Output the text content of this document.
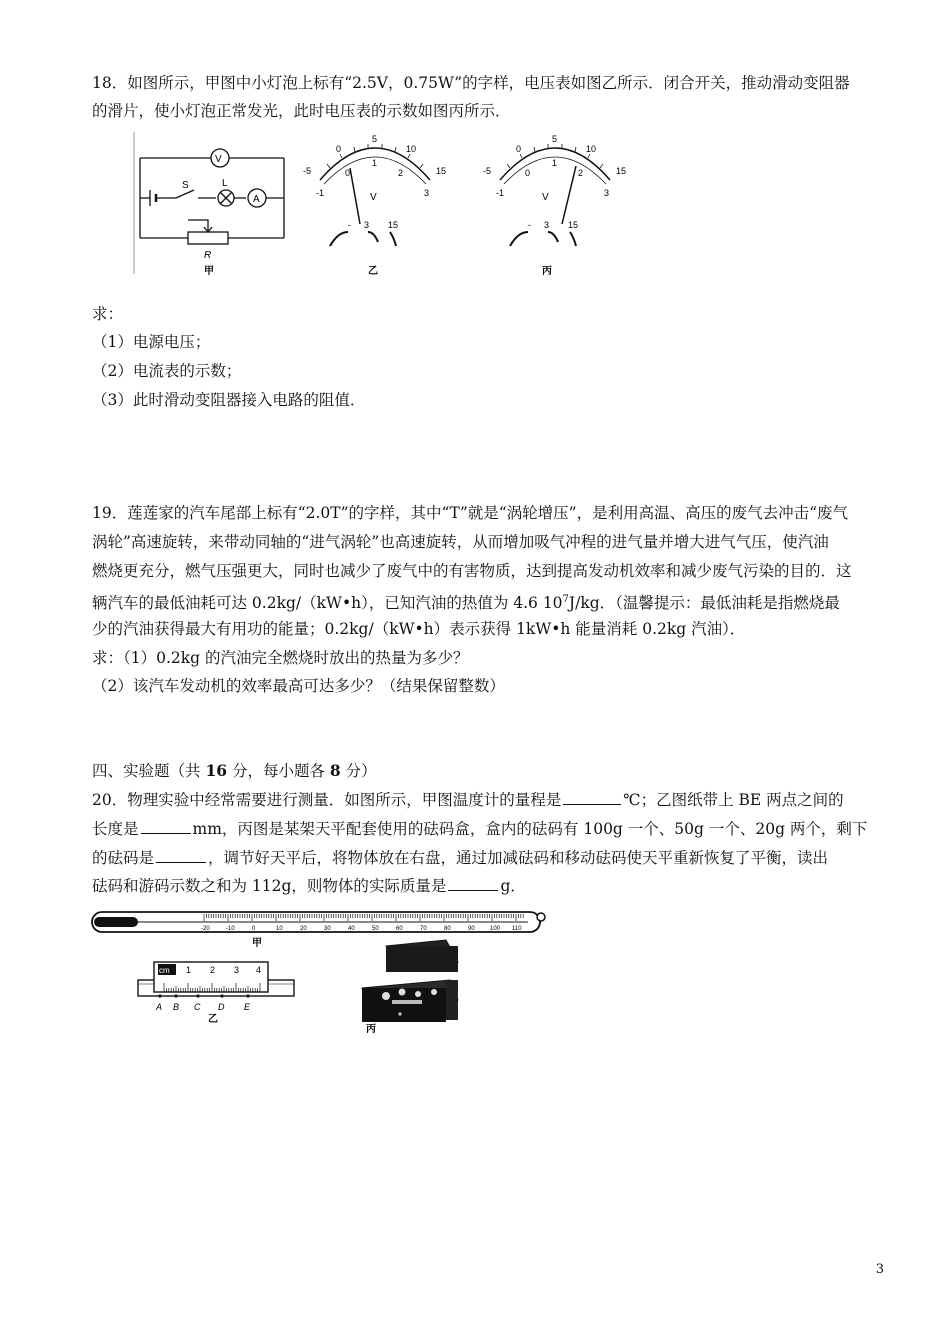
18．如图所示，甲图中小灯泡上标有“2.5V，0.75W”的字样，电压表如图乙所示．闭合开关，推动滑动变阻器
的滑片，使小灯泡正常发光，此时电压表的示数如图丙所示．
V
A
S	L
R
甲
-5
0
5
10
15
-1
0
1
2
3
V
- 3 15
乙
-5
0
5
10
15
-1
0
1
2
3
V
- 3 15
丙
求：
（1）电源电压；
（2）电流表的示数；
（3）此时滑动变阻器接入电路的阻值．
19．莲莲家的汽车尾部上标有“2.0T”的字样，其中“T”就是“涡轮增压”，是利用高温、高压的废气去冲击“废气
涡轮”高速旋转，来带动同轴的“进气涡轮”也高速旋转，从而增加吸气冲程的进气量并增大进气气压，使汽油
燃烧更充分，燃气压强更大，同时也减少了废气中的有害物质，达到提高发动机效率和减少废气污染的目的．这
辆汽车的最低油耗可达 0.2kg/（kW•h），已知汽油的热值为 4.6 $10^7J/kg$．（温馨提示：最低油耗是指燃烧最
少的汽油获得最大有用功的能量；0.2kg/（kW•h）表示获得 1kW•h 能量消耗 0.2kg 汽油）．
求：（1）0.2kg 的汽油完全燃烧时放出的热量为多少？
（2）该汽车发动机的效率最高可达多少？（结果保留整数）
四、实验题（共 16 分，每小题各 8 分）
20．物理实验中经常需要进行测量．如图所示，甲图温度计的量程是	℃；乙图纸带上 BE 两点之间的
长度是	mm，丙图是某架天平配套使用的砝码盒，盒内的砝码有 100g 一个、50g 一个、20g 两个，剩下
的砝码是	，调节好天平后，将物体放在右盘，通过加减砝码和移动砝码使天平重新恢复了平衡，读出
砝码和游码示数之和为 112g，则物体的实际质量是	g．
-20	-10	0	10	20	30	40	50	60	70	80	90	100 110
甲
cm 1 2 3 4
A B C D E
乙
丙
3
